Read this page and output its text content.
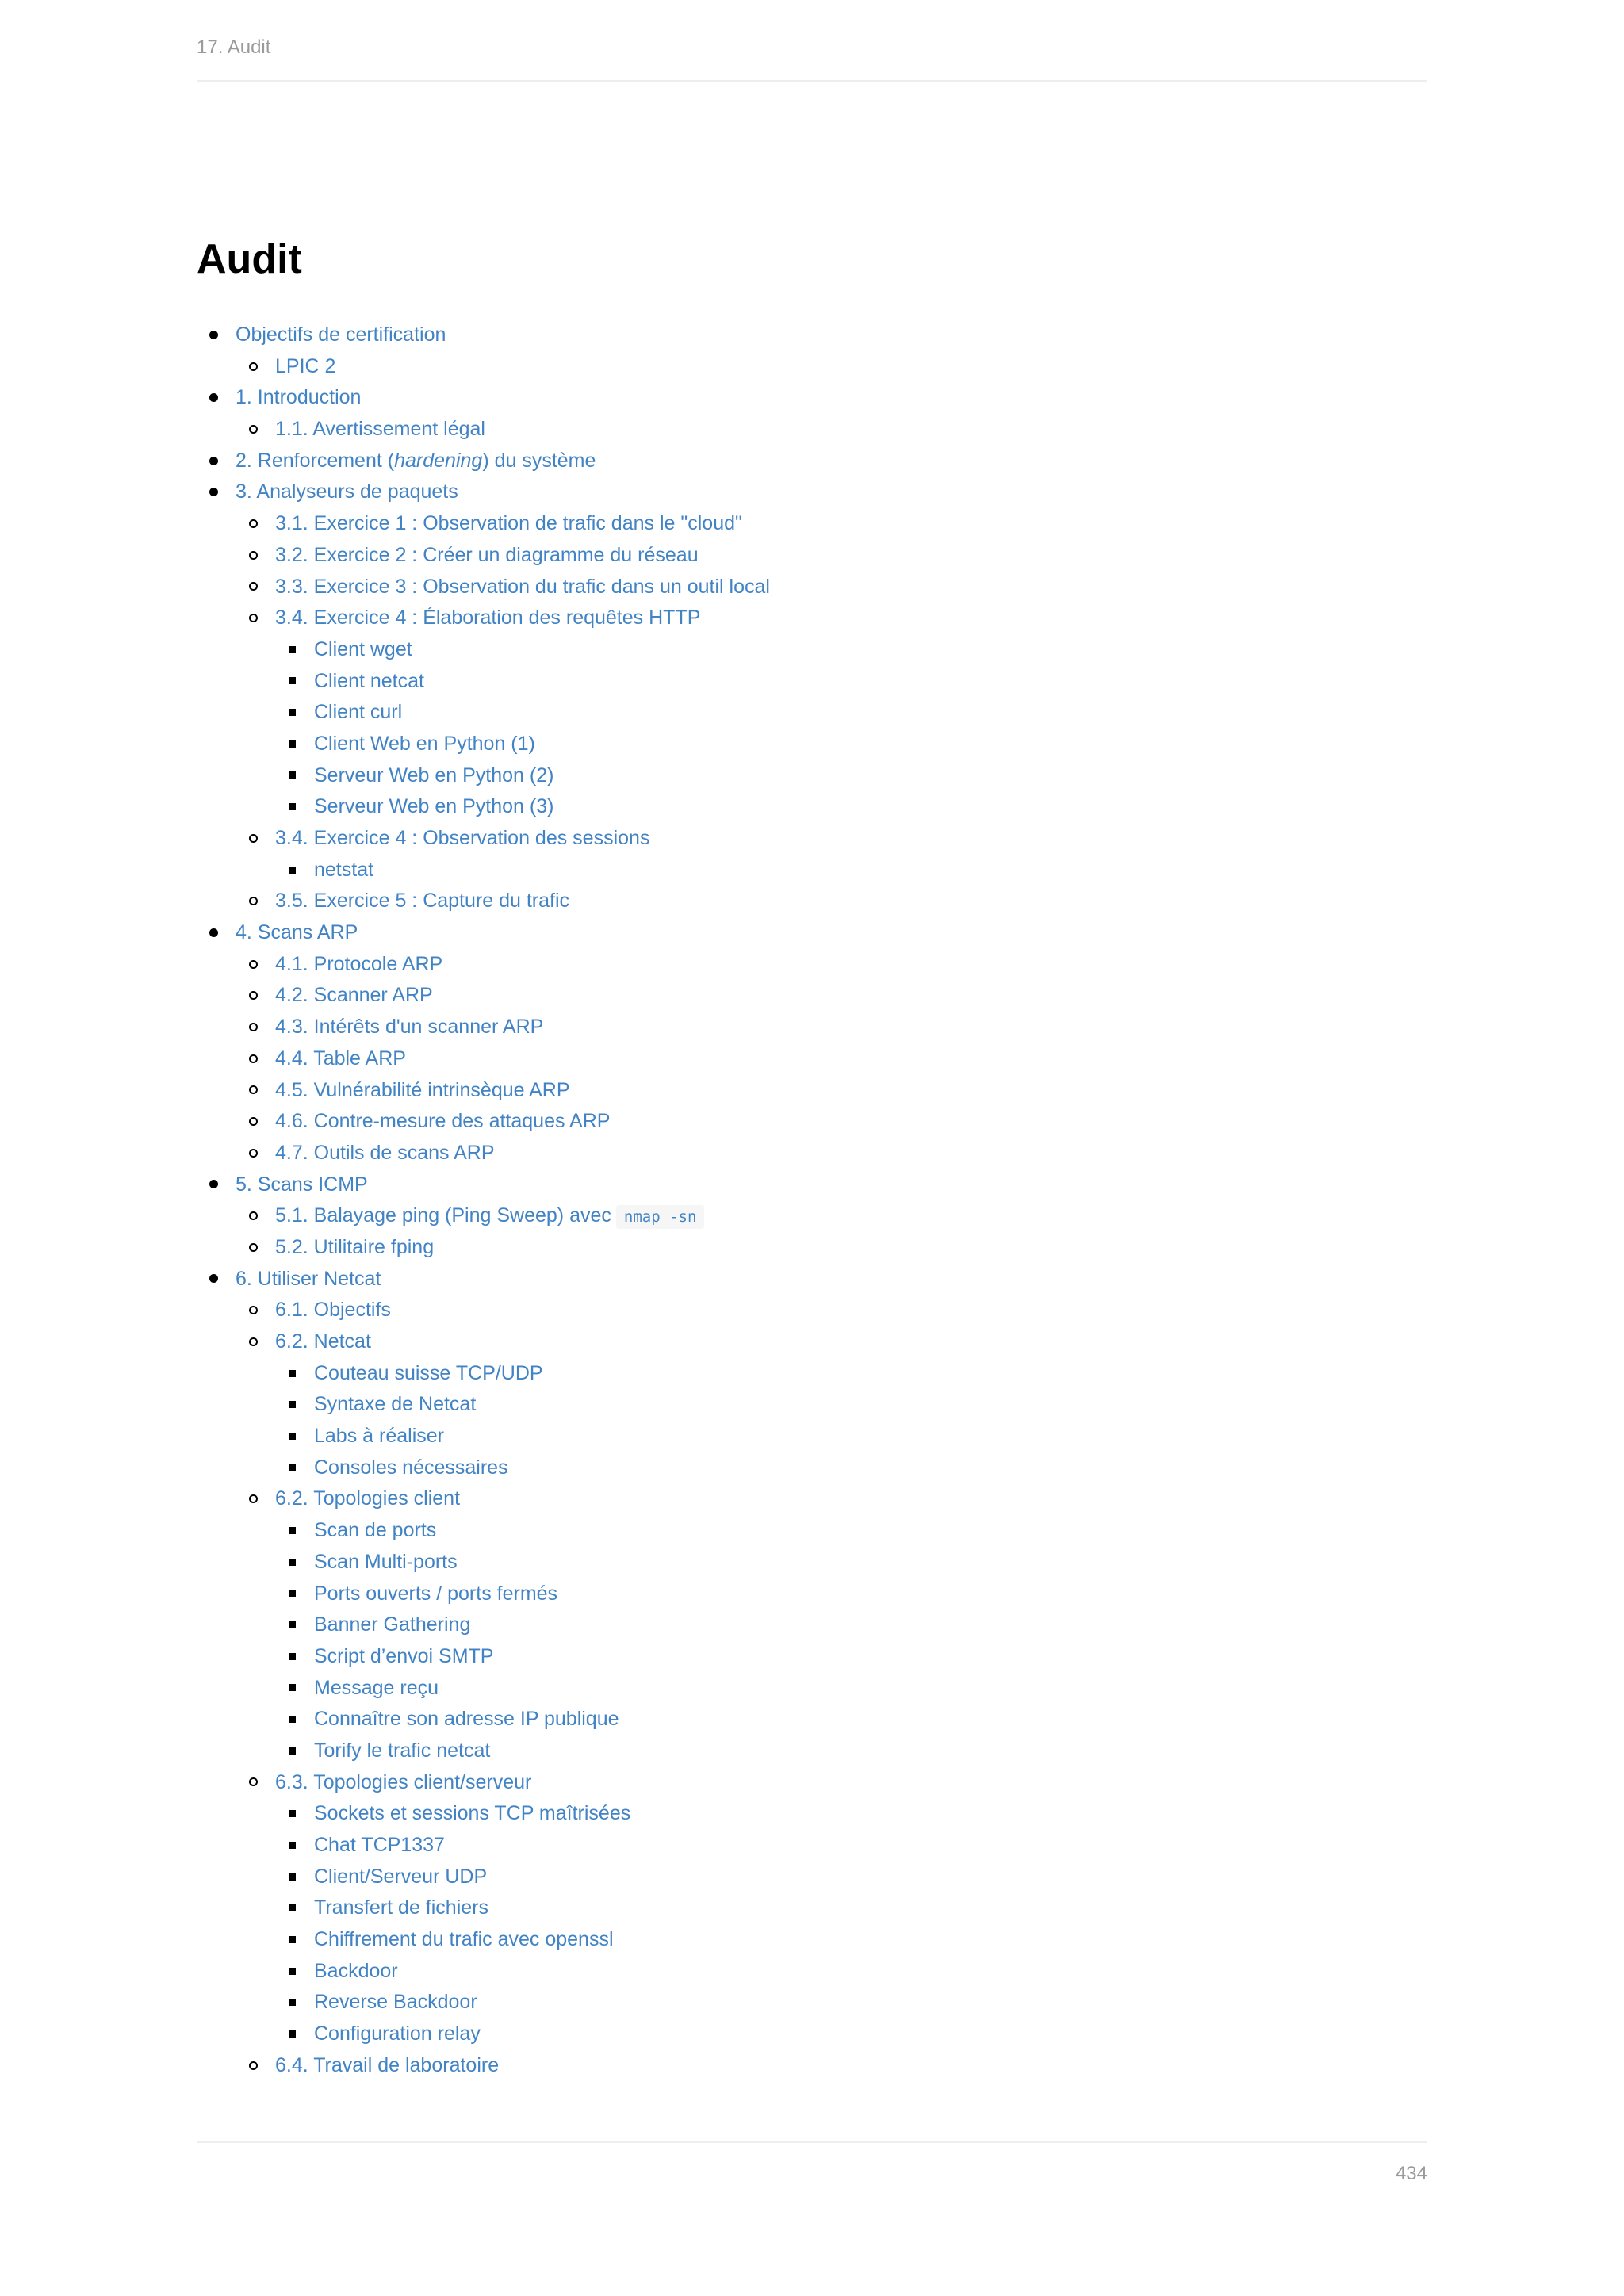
17. Audit
Audit
Objectifs de certification
LPIC 2
1. Introduction
1.1. Avertissement légal
2. Renforcement (hardening) du système
3. Analyseurs de paquets
3.1. Exercice 1 : Observation de trafic dans le "cloud"
3.2. Exercice 2 : Créer un diagramme du réseau
3.3. Exercice 3 : Observation du trafic dans un outil local
3.4. Exercice 4 : Élaboration des requêtes HTTP
Client wget
Client netcat
Client curl
Client Web en Python (1)
Serveur Web en Python (2)
Serveur Web en Python (3)
3.4. Exercice 4 : Observation des sessions
netstat
3.5. Exercice 5 : Capture du trafic
4. Scans ARP
4.1. Protocole ARP
4.2. Scanner ARP
4.3. Intérêts d'un scanner ARP
4.4. Table ARP
4.5. Vulnérabilité intrinsèque ARP
4.6. Contre-mesure des attaques ARP
4.7. Outils de scans ARP
5. Scans ICMP
5.1. Balayage ping (Ping Sweep) avec nmap -sn
5.2. Utilitaire fping
6. Utiliser Netcat
6.1. Objectifs
6.2. Netcat
Couteau suisse TCP/UDP
Syntaxe de Netcat
Labs à réaliser
Consoles nécessaires
6.2. Topologies client
Scan de ports
Scan Multi-ports
Ports ouverts / ports fermés
Banner Gathering
Script d’envoi SMTP
Message reçu
Connaître son adresse IP publique
Torify le trafic netcat
6.3. Topologies client/serveur
Sockets et sessions TCP maîtrisées
Chat TCP1337
Client/Serveur UDP
Transfert de fichiers
Chiffrement du trafic avec openssl
Backdoor
Reverse Backdoor
Configuration relay
6.4. Travail de laboratoire
434
